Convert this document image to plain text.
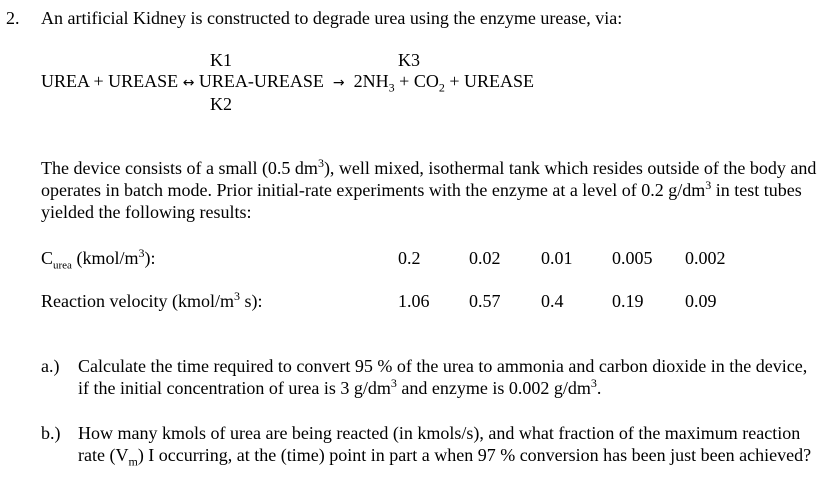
2. An artificial Kidney is constructed to degrade urea using the enzyme urease, via:
K1	K3
UREA + UREASE ↔ UREA-UREASE → $2NH_3 + CO_2$ + UREASE
K2
The device consists of a small (0.5 $dm^3$), well mixed, isothermal tank which resides outside of the body and operates in batch mode. Prior initial-rate experiments with the enzyme at a level of 0.2 $g/dm^3$ in test tubes yielded the following results:
$C_{urea}$ $(kmol/m^3)$:	0.2	0.02 0.01 0.005 0.002
Reaction velocity ($kmol/m^3$ s):	1.06 0.57 0.4	0.19 0.09
a.) Calculate the time required to convert 95 % of the urea to ammonia and carbon dioxide in the device, if the initial concentration of urea is 3 $g/dm^3$ and enzyme is 0.002 $g/dm^3$.
b.) How many kmols of urea are being reacted (in kmols/s), and what fraction of the maximum reaction rate $(V_m)$ I occurring, at the (time) point in part a when 97 % conversion has been just been achieved?
